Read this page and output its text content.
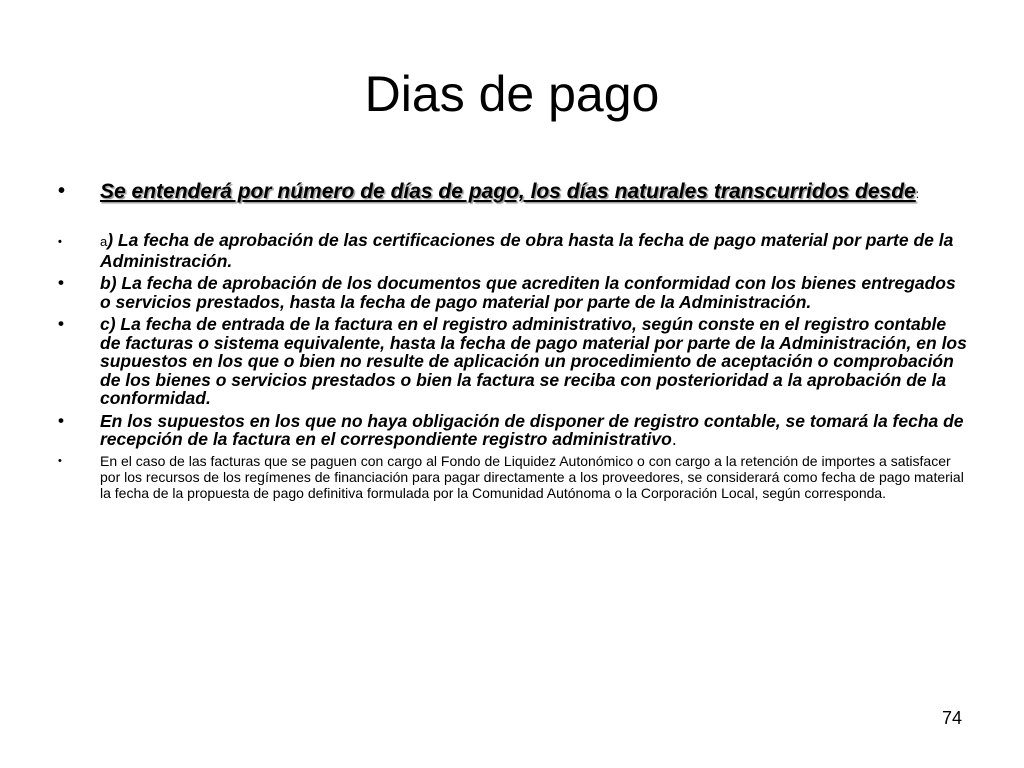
Dias de pago
• Se entenderá por número de días de pago, los días naturales transcurridos desde:
•	a) La fecha de aprobación de las certificaciones de obra hasta la fecha de pago material por parte de la Administración.
• b) La fecha de aprobación de los documentos que acrediten la conformidad con los bienes entregados o servicios prestados, hasta la fecha de pago material por parte de la Administración.
• c) La fecha de entrada de la factura en el registro administrativo, según conste en el registro contable de facturas o sistema equivalente, hasta la fecha de pago material por parte de la Administración, en los supuestos en los que o bien no resulte de aplicación un procedimiento de aceptación o comprobación de los bienes o servicios prestados o bien la factura se reciba con posterioridad a la aprobación de la conformidad.
• En los supuestos en los que no haya obligación de disponer de registro contable, se tomará la fecha de recepción de la factura en el correspondiente registro administrativo.
•	En el caso de las facturas que se paguen con cargo al Fondo de Liquidez Autonómico o con cargo a la retención de importes a satisfacer por los recursos de los regímenes de financiación para pagar directamente a los proveedores, se considerará como fecha de pago material la fecha de la propuesta de pago definitiva formulada por la Comunidad Autónoma o la Corporación Local, según corresponda.
74
